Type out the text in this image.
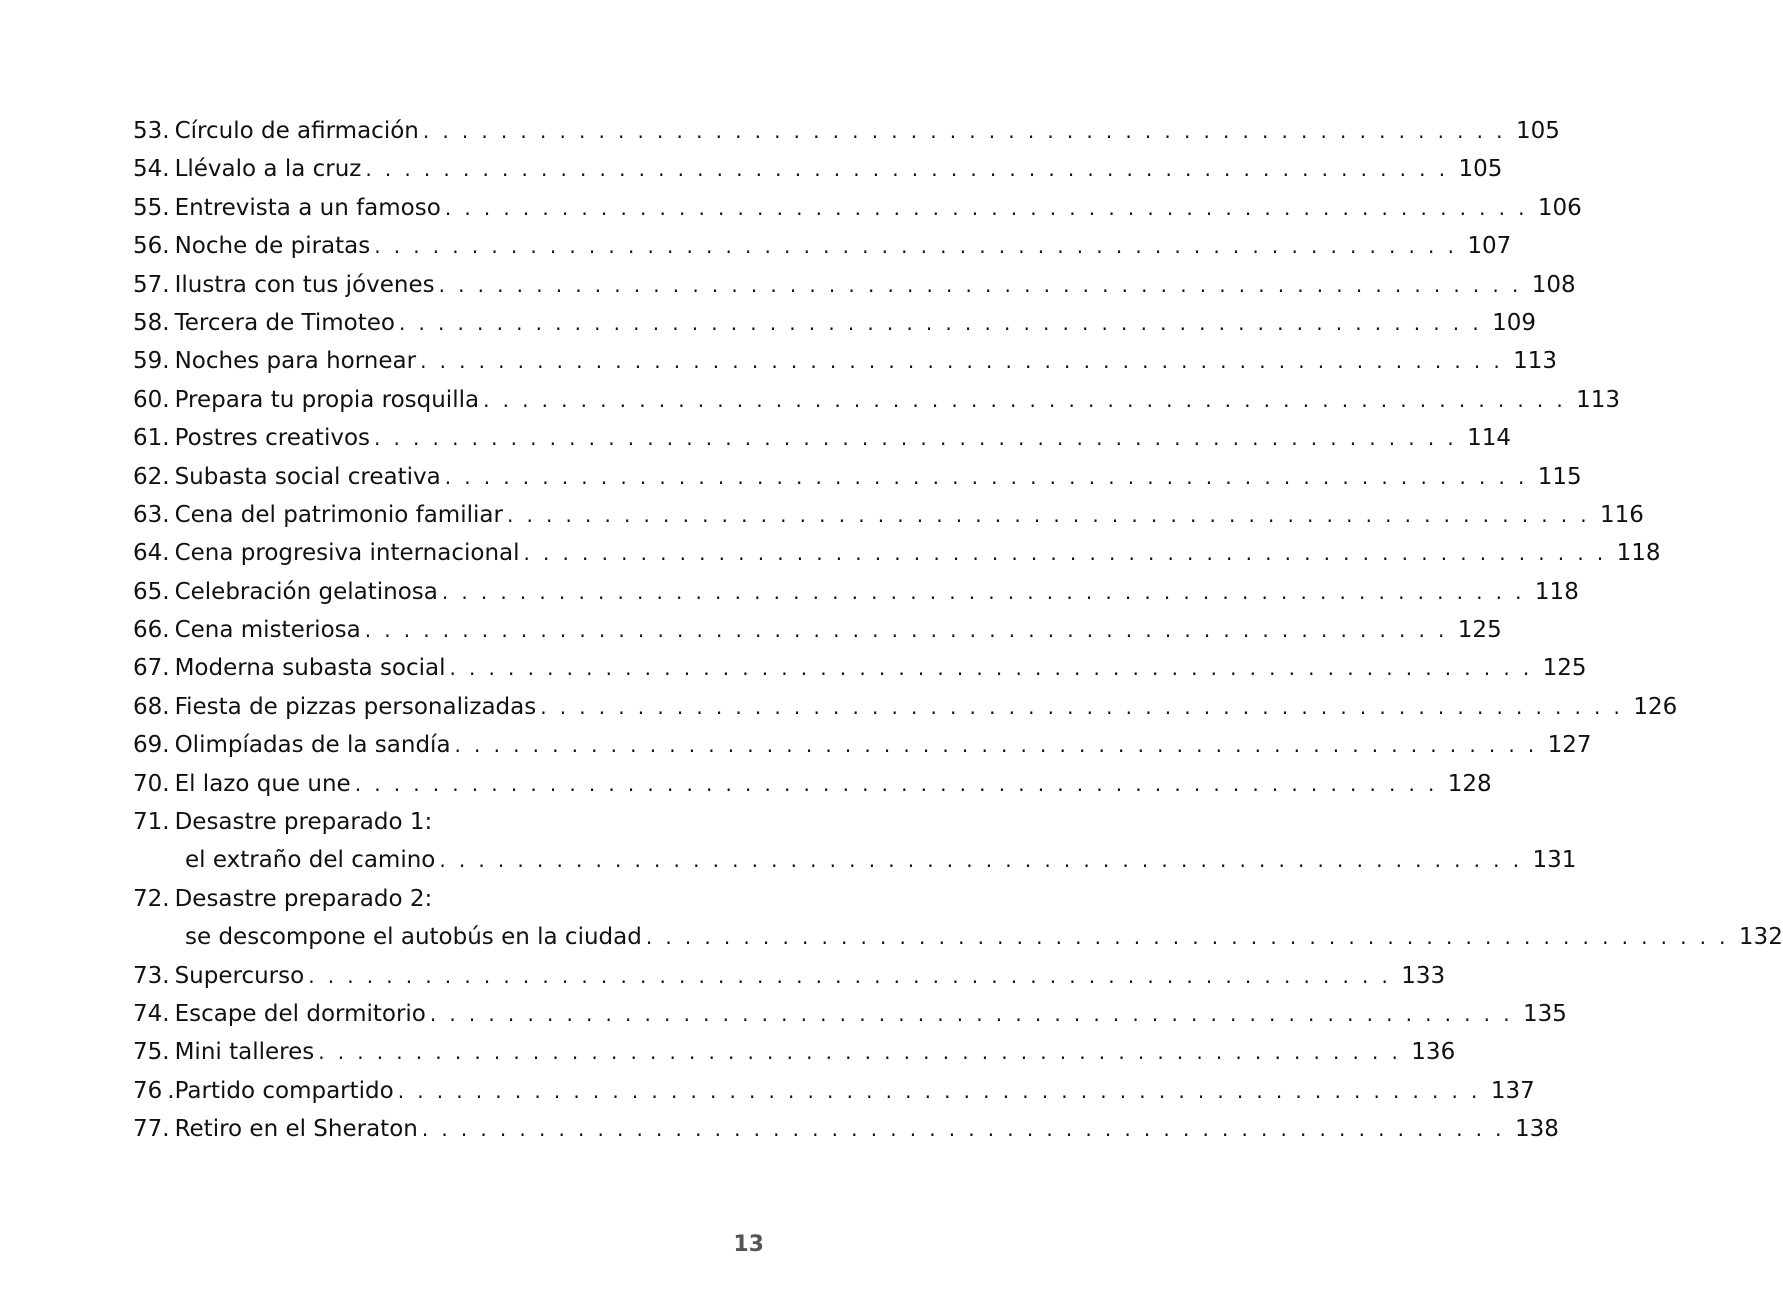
53. Círculo de afirmación . . . . . . . . . . . . . . . . . . . . . . . . . . . . . . . . . . . . . . . . . . . . . . . . . . . . . . . . 105
54. Llévalo a la cruz . . . . . . . . . . . . . . . . . . . . . . . . . . . . . . . . . . . . . . . . . . . . . . . . . . . . . . . . 105
55. Entrevista a un famoso . . . . . . . . . . . . . . . . . . . . . . . . . . . . . . . . . . . . . . . . . . . . . . . . . . . . . . . . 106
56. Noche de piratas . . . . . . . . . . . . . . . . . . . . . . . . . . . . . . . . . . . . . . . . . . . . . . . . . . . . . . . . 107
57. Ilustra con tus jóvenes . . . . . . . . . . . . . . . . . . . . . . . . . . . . . . . . . . . . . . . . . . . . . . . . . . . . . . . . 108
58. Tercera de Timoteo . . . . . . . . . . . . . . . . . . . . . . . . . . . . . . . . . . . . . . . . . . . . . . . . . . . . . . . . 109
59. Noches para hornear . . . . . . . . . . . . . . . . . . . . . . . . . . . . . . . . . . . . . . . . . . . . . . . . . . . . . . . . 113
60. Prepara tu propia rosquilla . . . . . . . . . . . . . . . . . . . . . . . . . . . . . . . . . . . . . . . . . . . . . . . . . . . . . . . . 113
61. Postres creativos . . . . . . . . . . . . . . . . . . . . . . . . . . . . . . . . . . . . . . . . . . . . . . . . . . . . . . . . 114
62. Subasta social creativa . . . . . . . . . . . . . . . . . . . . . . . . . . . . . . . . . . . . . . . . . . . . . . . . . . . . . . . . 115
63. Cena del patrimonio familiar . . . . . . . . . . . . . . . . . . . . . . . . . . . . . . . . . . . . . . . . . . . . . . . . . . . . . . . . 116
64. Cena progresiva internacional . . . . . . . . . . . . . . . . . . . . . . . . . . . . . . . . . . . . . . . . . . . . . . . . . . . . . . . . 118
65. Celebración gelatinosa . . . . . . . . . . . . . . . . . . . . . . . . . . . . . . . . . . . . . . . . . . . . . . . . . . . . . . . . 118
66. Cena misteriosa . . . . . . . . . . . . . . . . . . . . . . . . . . . . . . . . . . . . . . . . . . . . . . . . . . . . . . . . 125
67. Moderna subasta social . . . . . . . . . . . . . . . . . . . . . . . . . . . . . . . . . . . . . . . . . . . . . . . . . . . . . . . . 125
68. Fiesta de pizzas personalizadas . . . . . . . . . . . . . . . . . . . . . . . . . . . . . . . . . . . . . . . . . . . . . . . . . . . . . . . . 126
69. Olimpíadas de la sandía . . . . . . . . . . . . . . . . . . . . . . . . . . . . . . . . . . . . . . . . . . . . . . . . . . . . . . . . 127
70. El lazo que une . . . . . . . . . . . . . . . . . . . . . . . . . . . . . . . . . . . . . . . . . . . . . . . . . . . . . . . . 128
71. Desastre preparado 1:
el extraño del camino . . . . . . . . . . . . . . . . . . . . . . . . . . . . . . . . . . . . . . . . . . . . . . . . . . . . . . . . 131
72. Desastre preparado 2:
se descompone el autobús en la ciudad . . . . . . . . . . . . . . . . . . . . . . . . . . . . . . . . . . . . . . . . . . . . . . . . . . . . . . . . 132
73. Supercurso . . . . . . . . . . . . . . . . . . . . . . . . . . . . . . . . . . . . . . . . . . . . . . . . . . . . . . . . 133
74. Escape del dormitorio . . . . . . . . . . . . . . . . . . . . . . . . . . . . . . . . . . . . . . . . . . . . . . . . . . . . . . . . 135
75. Mini talleres . . . . . . . . . . . . . . . . . . . . . . . . . . . . . . . . . . . . . . . . . . . . . . . . . . . . . . . . 136
76 .Partido compartido . . . . . . . . . . . . . . . . . . . . . . . . . . . . . . . . . . . . . . . . . . . . . . . . . . . . . . . . 137
77. Retiro en el Sheraton . . . . . . . . . . . . . . . . . . . . . . . . . . . . . . . . . . . . . . . . . . . . . . . . . . . . . . . . 138
13
